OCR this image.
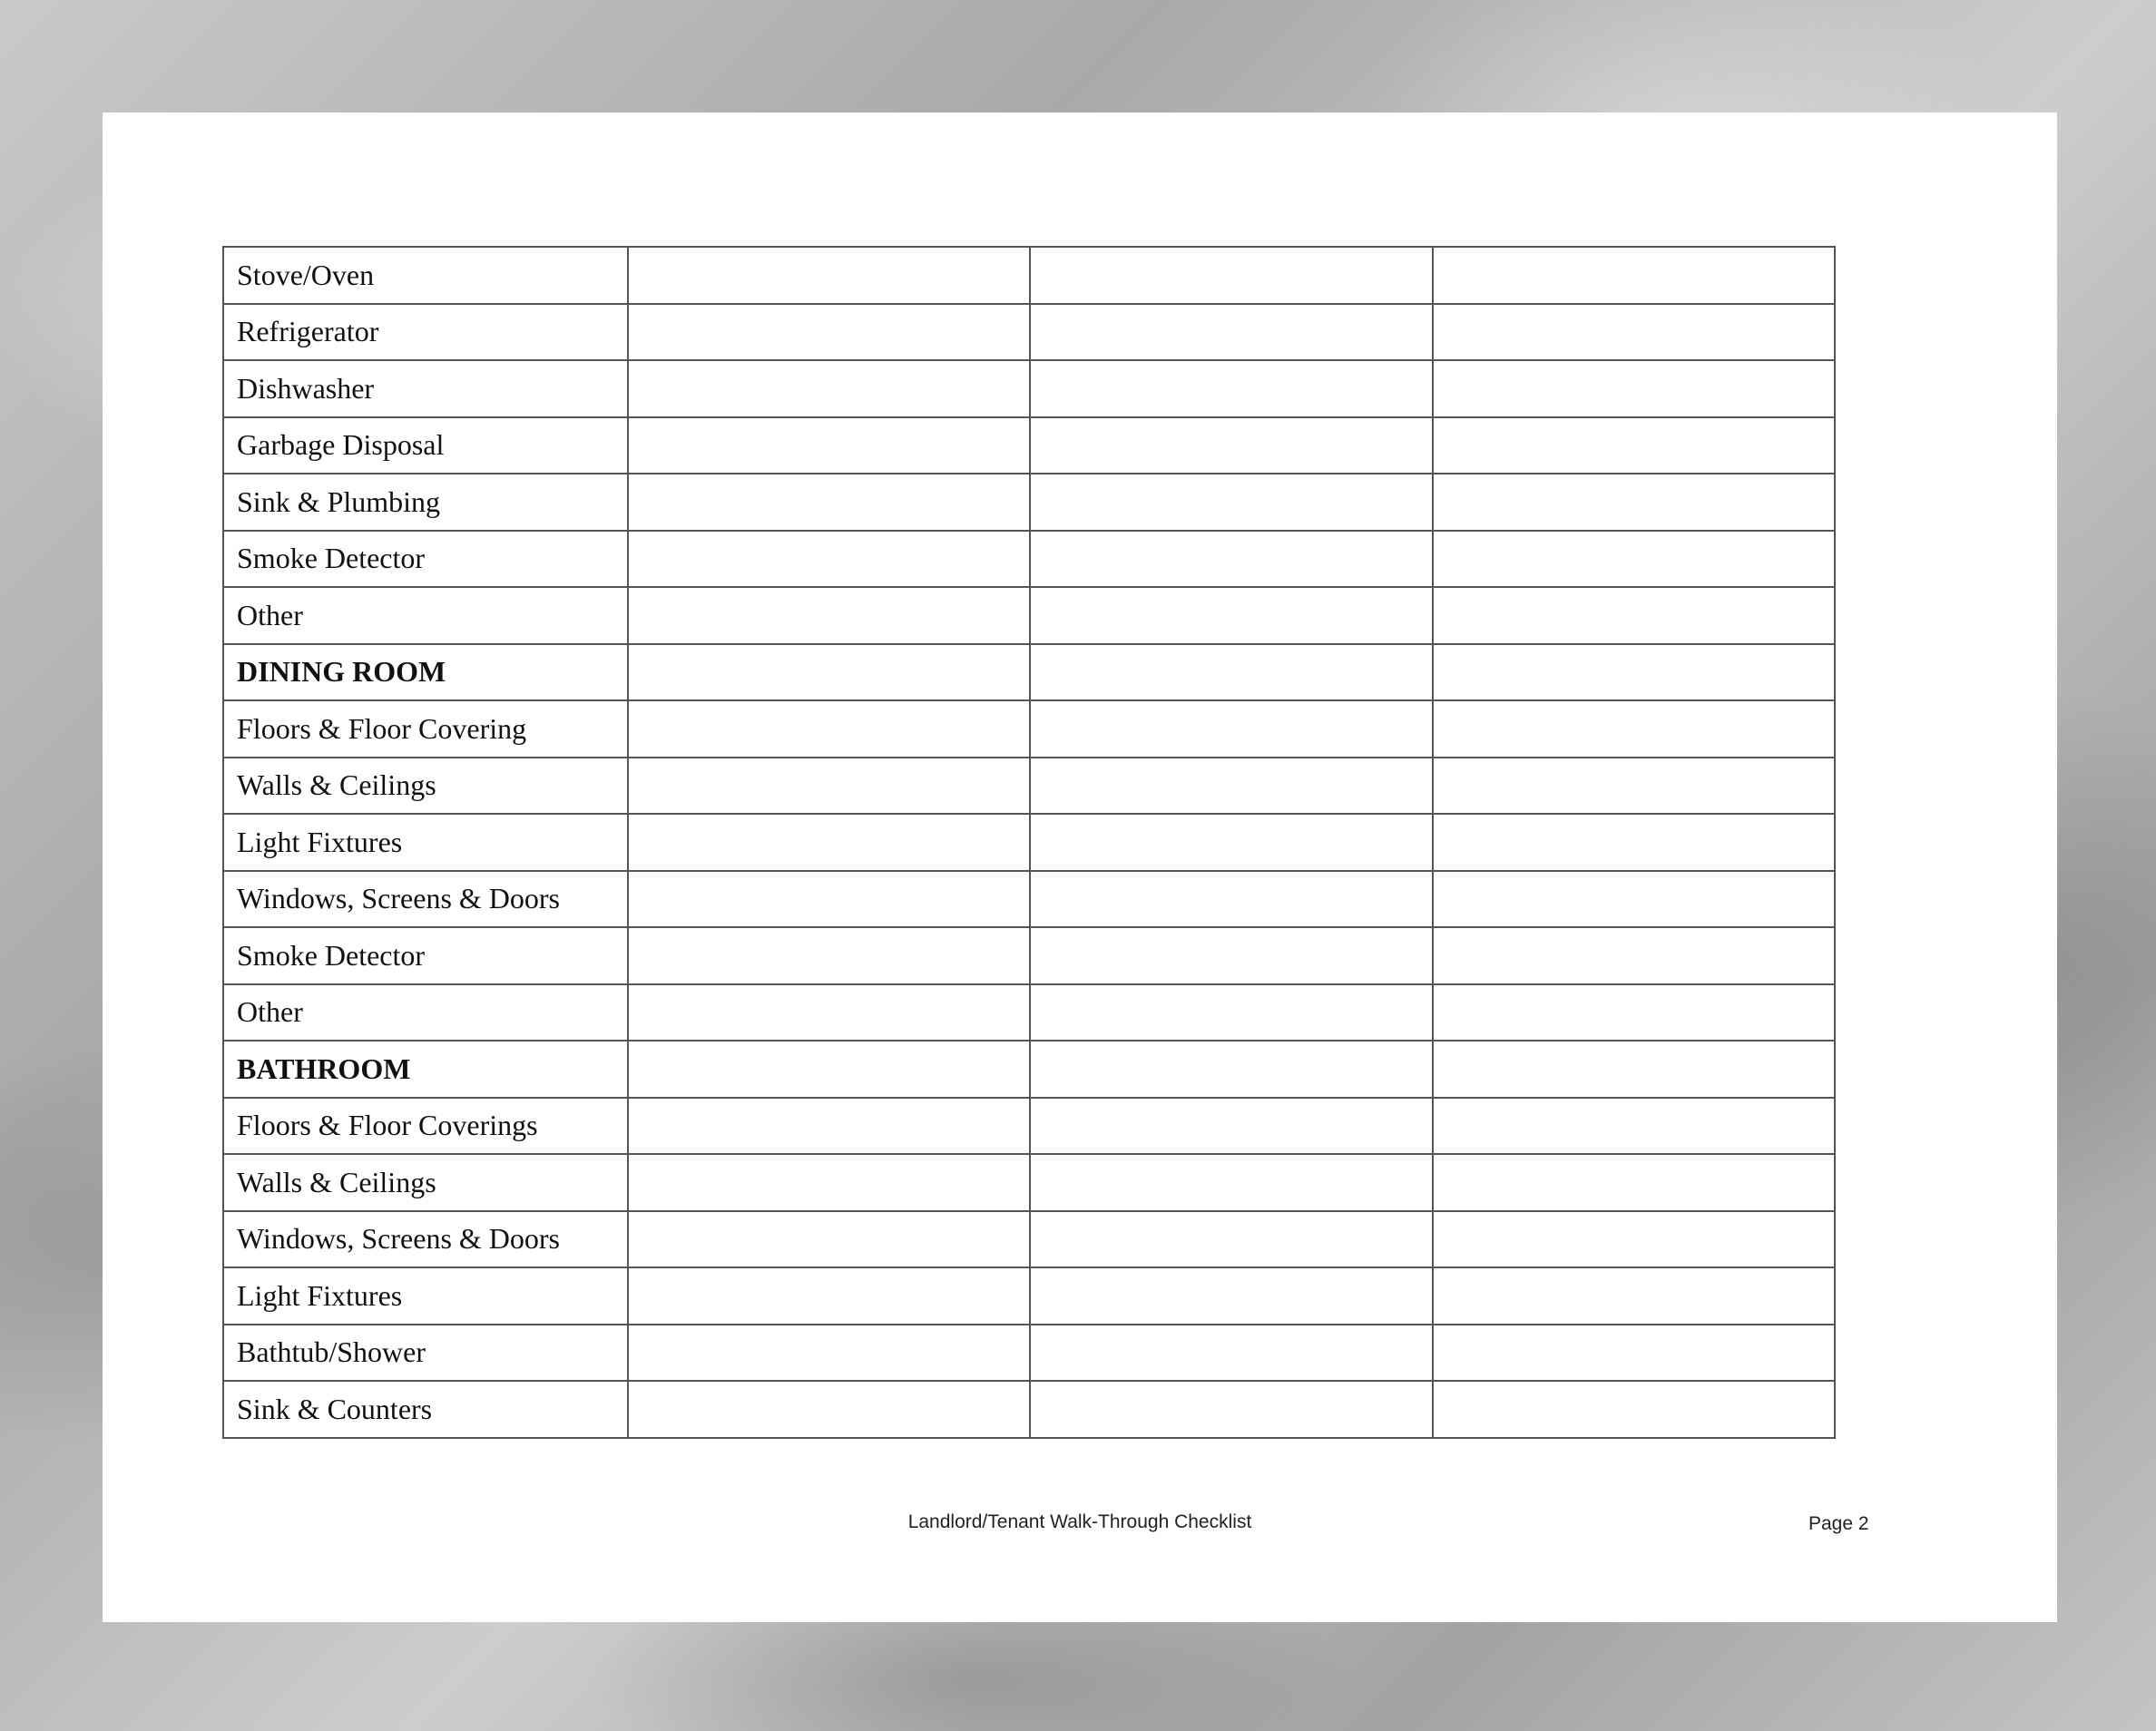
Stove/Oven			
Refrigerator			
Dishwasher			
Garbage Disposal			
Sink & Plumbing			
Smoke Detector			
Other			
DINING ROOM			
Floors & Floor Covering			
Walls & Ceilings			
Light Fixtures			
Windows, Screens & Doors			
Smoke Detector			
Other			
BATHROOM			
Floors & Floor Coverings			
Walls & Ceilings			
Windows, Screens & Doors			
Light Fixtures			
Bathtub/Shower			
Sink & Counters			
Landlord/Tenant Walk-Through Checklist	Page 2
